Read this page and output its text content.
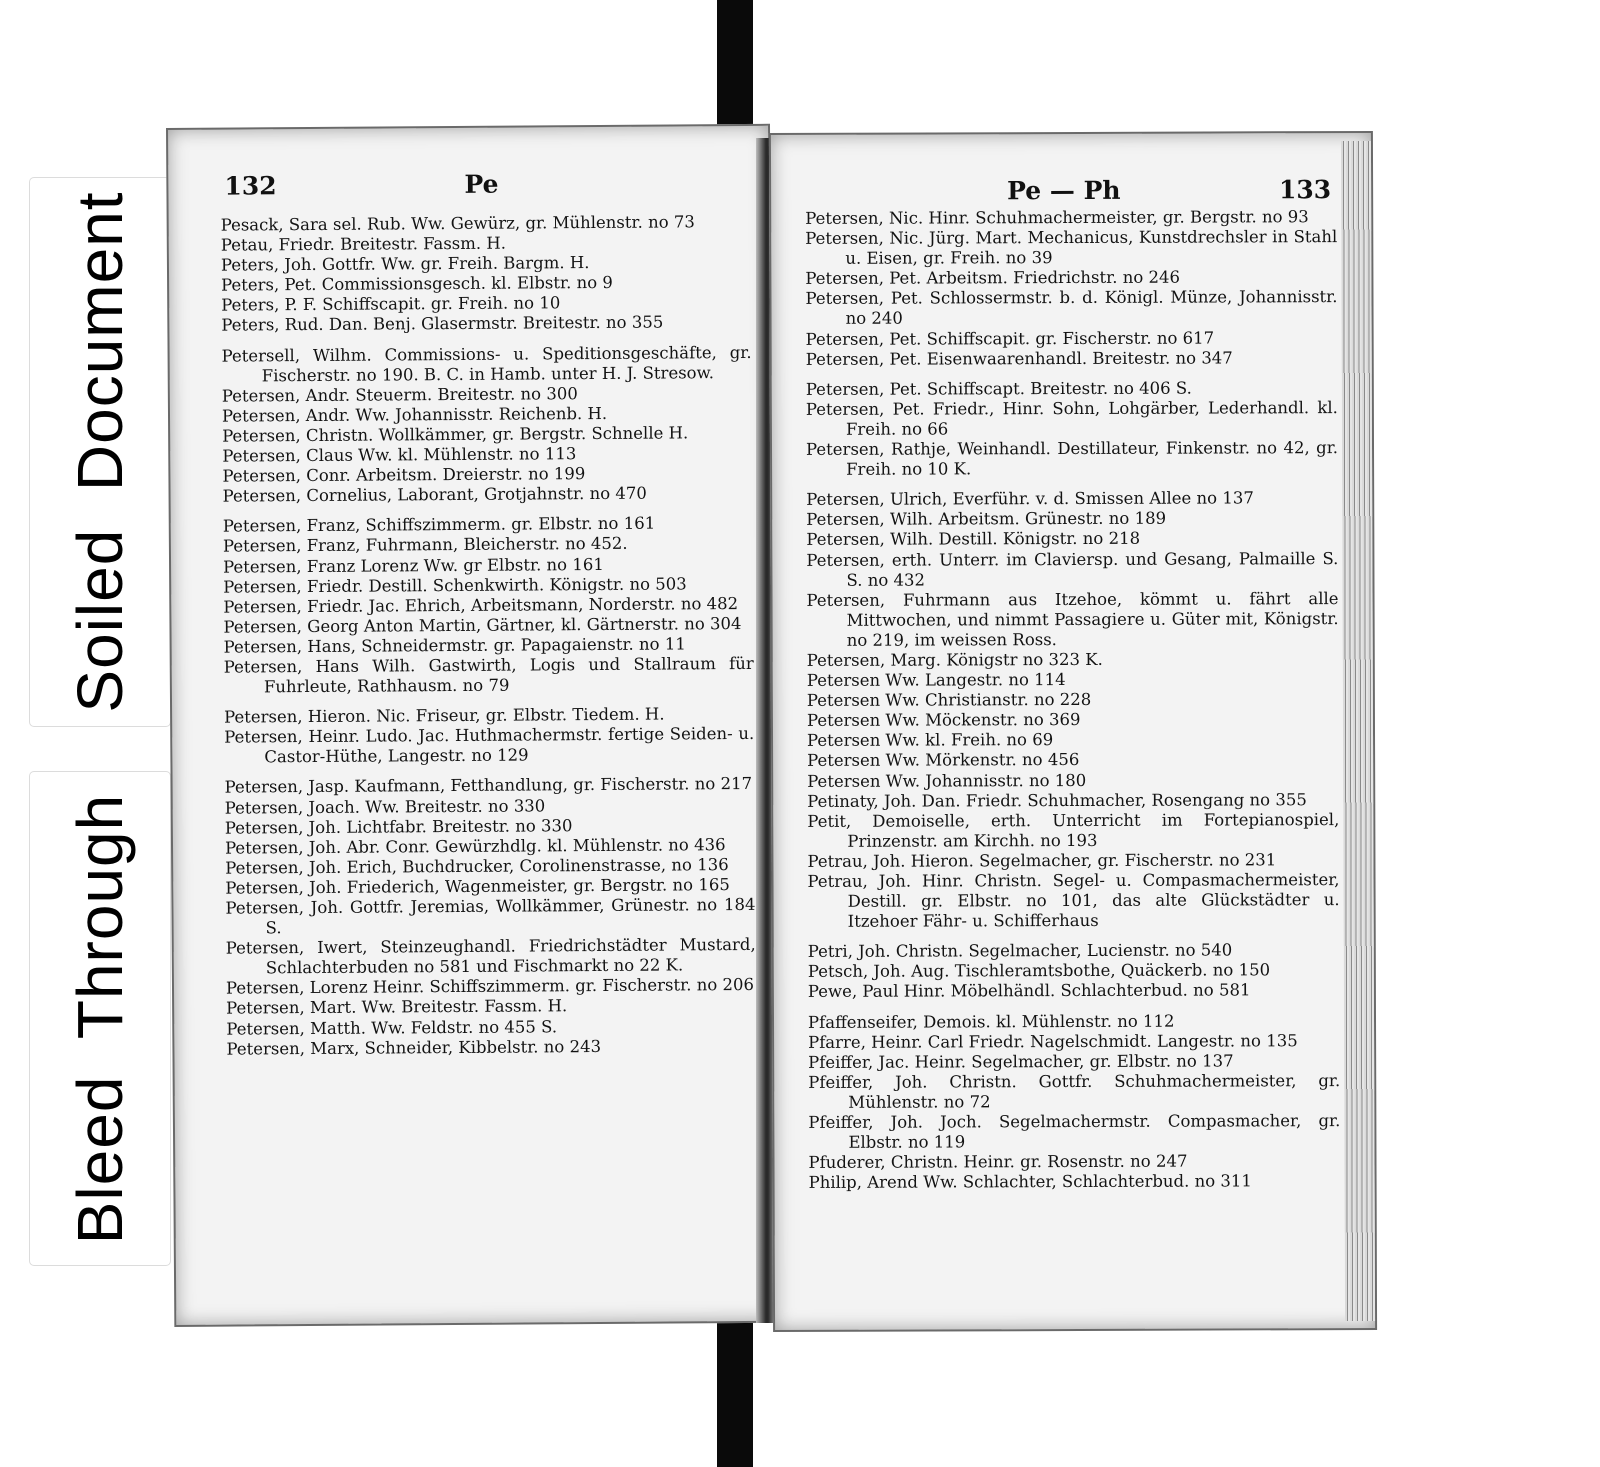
Soiled  Document
Bleed  Through
132	Pe
Pesack, Sara sel. Rub. Ww. Gewürz, gr. Mühlenstr. no 73
Petau, Friedr. Breitestr. Fassm. H.
Peters, Joh. Gottfr. Ww. gr. Freih. Bargm. H.
Peters, Pet. Commissionsgesch. kl. Elbstr. no 9
Peters, P. F. Schiffscapit. gr. Freih. no 10
Peters, Rud. Dan. Benj. Glasermstr. Breitestr. no 355
Petersell, Wilhm. Commissions- u. Speditionsgeschäfte, gr. Fischerstr. no 190. B. C. in Hamb. unter H. J. Stresow.
Petersen, Andr. Steuerm. Breitestr. no 300
Petersen, Andr. Ww. Johannisstr. Reichenb. H.
Petersen, Christn. Wollkämmer, gr. Bergstr. Schnelle H.
Petersen, Claus Ww. kl. Mühlenstr. no 113
Petersen, Conr. Arbeitsm. Dreierstr. no 199
Petersen, Cornelius, Laborant, Grotjahnstr. no 470
Petersen, Franz, Schiffszimmerm. gr. Elbstr. no 161
Petersen, Franz, Fuhrmann, Bleicherstr. no 452.
Petersen, Franz Lorenz Ww. gr Elbstr. no 161
Petersen, Friedr. Destill. Schenkwirth. Königstr. no 503
Petersen, Friedr. Jac. Ehrich, Arbeitsmann, Norderstr. no 482
Petersen, Georg Anton Martin, Gärtner, kl. Gärtnerstr. no 304
Petersen, Hans, Schneidermstr. gr. Papagaienstr. no 11
Petersen, Hans Wilh. Gastwirth, Logis und Stallraum für Fuhrleute, Rathhausm. no 79
Petersen, Hieron. Nic. Friseur, gr. Elbstr. Tiedem. H.
Petersen, Heinr. Ludo. Jac. Huthmachermstr. fertige Seiden- u. Castor-Hüthe, Langestr. no 129
Petersen, Jasp. Kaufmann, Fetthandlung, gr. Fischerstr. no 217
Petersen, Joach. Ww. Breitestr. no 330
Petersen, Joh. Lichtfabr. Breitestr. no 330
Petersen, Joh. Abr. Conr. Gewürzhdlg. kl. Mühlenstr. no 436
Petersen, Joh. Erich, Buchdrucker, Corolinenstrasse, no 136
Petersen, Joh. Friederich, Wagenmeister, gr. Bergstr. no 165
Petersen, Joh. Gottfr. Jeremias, Wollkämmer, Grünestr. no 184 S.
Petersen, Iwert, Steinzeughandl. Friedrichstädter Mustard, Schlachterbuden no 581 und Fischmarkt no 22 K.
Petersen, Lorenz Heinr. Schiffszimmerm. gr. Fischerstr. no 206
Petersen, Mart. Ww. Breitestr. Fassm. H.
Petersen, Matth. Ww. Feldstr. no 455 S.
Petersen, Marx, Schneider, Kibbelstr. no 243
Pe — Ph	133
Petersen, Nic. Hinr. Schuhmachermeister, gr. Bergstr. no 93
Petersen, Nic. Jürg. Mart. Mechanicus, Kunstdrechsler in Stahl u. Eisen, gr. Freih. no 39
Petersen, Pet. Arbeitsm. Friedrichstr. no 246
Petersen, Pet. Schlossermstr. b. d. Königl. Münze, Johannisstr. no 240
Petersen, Pet. Schiffscapit. gr. Fischerstr. no 617
Petersen, Pet. Eisenwaarenhandl. Breitestr. no 347
Petersen, Pet. Schiffscapt. Breitestr. no 406 S.
Petersen, Pet. Friedr., Hinr. Sohn, Lohgärber, Lederhandl. kl. Freih. no 66
Petersen, Rathje, Weinhandl. Destillateur, Finkenstr. no 42, gr. Freih. no 10 K.
Petersen, Ulrich, Everführ. v. d. Smissen Allee no 137
Petersen, Wilh. Arbeitsm. Grünestr. no 189
Petersen, Wilh. Destill. Königstr. no 218
Petersen, erth. Unterr. im Claviersp. und Gesang, Palmaille S. S. no 432
Petersen, Fuhrmann aus Itzehoe, kömmt u. fährt alle Mittwochen, und nimmt Passagiere u. Güter mit, Königstr. no 219, im weissen Ross.
Petersen, Marg. Königstr no 323 K.
Petersen Ww. Langestr. no 114
Petersen Ww. Christianstr. no 228
Petersen Ww. Möckenstr. no 369
Petersen Ww. kl. Freih. no 69
Petersen Ww. Mörkenstr. no 456
Petersen Ww. Johannisstr. no 180
Petinaty, Joh. Dan. Friedr. Schuhmacher, Rosengang no 355
Petit, Demoiselle, erth. Unterricht im Fortepianospiel, Prinzenstr. am Kirchh. no 193
Petrau, Joh. Hieron. Segelmacher, gr. Fischerstr. no 231
Petrau, Joh. Hinr. Christn. Segel- u. Compasmachermeister, Destill. gr. Elbstr. no 101, das alte Glückstädter u. Itzehoer Fähr- u. Schifferhaus
Petri, Joh. Christn. Segelmacher, Lucienstr. no 540
Petsch, Joh. Aug. Tischleramtsbothe, Quäckerb. no 150
Pewe, Paul Hinr. Möbelhändl. Schlachterbud. no 581
Pfaffenseifer, Demois. kl. Mühlenstr. no 112
Pfarre, Heinr. Carl Friedr. Nagelschmidt. Langestr. no 135
Pfeiffer, Jac. Heinr. Segelmacher, gr. Elbstr. no 137
Pfeiffer, Joh. Christn. Gottfr. Schuhmachermeister, gr. Mühlenstr. no 72
Pfeiffer, Joh. Joch. Segelmachermstr. Compasmacher, gr. Elbstr. no 119
Pfuderer, Christn. Heinr. gr. Rosenstr. no 247
Philip, Arend Ww. Schlachter, Schlachterbud. no 311
